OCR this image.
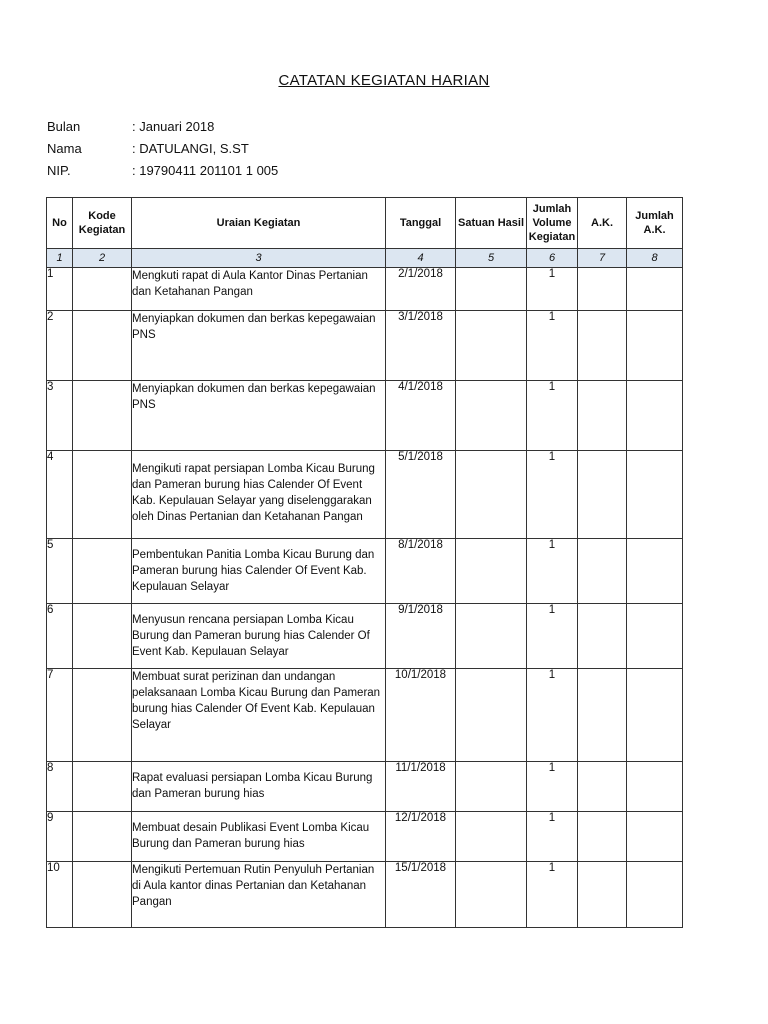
CATATAN KEGIATAN HARIAN
Bulan	: Januari 2018
Nama	: DATULANGI, S.ST
NIP.	: 19790411 201101 1 005
No	Kode Kegiatan	Uraian Kegiatan	Tanggal	Satuan Hasil	Jumlah Volume Kegiatan	A.K.	Jumlah A.K.
1	2	3	4	5	6	7	8
1		Mengkuti rapat di Aula Kantor Dinas Pertanian dan Ketahanan Pangan	2/1/2018		1		
2		Menyiapkan dokumen dan berkas kepegawaian PNS	3/1/2018		1		
3		Menyiapkan dokumen dan berkas kepegawaian PNS	4/1/2018		1		
4		Mengikuti rapat persiapan Lomba Kicau Burung dan Pameran burung hias Calender Of Event Kab. Kepulauan Selayar yang diselenggarakan oleh Dinas Pertanian dan Ketahanan Pangan	5/1/2018		1		
5		Pembentukan Panitia Lomba Kicau Burung dan Pameran burung hias Calender Of Event Kab. Kepulauan Selayar	8/1/2018		1		
6		Menyusun rencana persiapan Lomba Kicau Burung dan Pameran burung hias Calender Of Event Kab. Kepulauan Selayar	9/1/2018		1		
7		Membuat surat perizinan dan undangan pelaksanaan Lomba Kicau Burung dan Pameran burung hias Calender Of Event Kab. Kepulauan Selayar	10/1/2018		1		
8		Rapat evaluasi persiapan Lomba Kicau Burung dan Pameran burung hias	11/1/2018		1		
9		Membuat desain Publikasi Event Lomba Kicau Burung dan Pameran burung hias	12/1/2018		1		
10		Mengikuti Pertemuan Rutin Penyuluh Pertanian di Aula kantor dinas Pertanian dan Ketahanan Pangan	15/1/2018		1		
